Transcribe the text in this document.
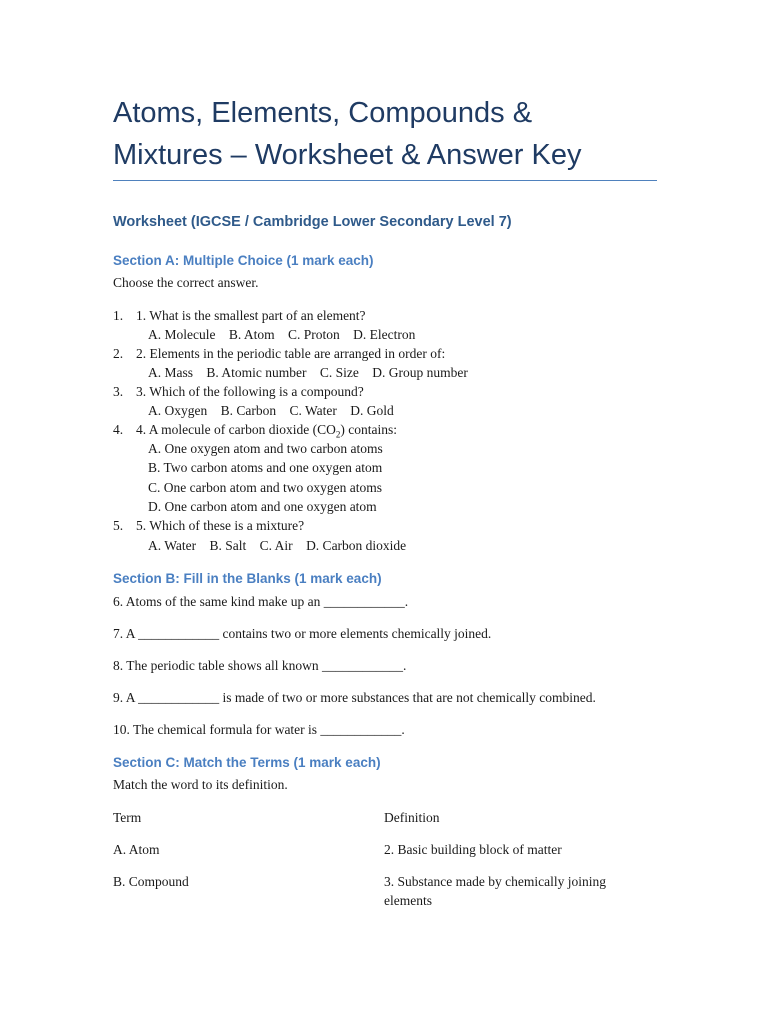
Atoms, Elements, Compounds &
Mixtures – Worksheet & Answer Key
Worksheet (IGCSE / Cambridge Lower Secondary Level 7)
Section A: Multiple Choice (1 mark each)
Choose the correct answer.
1. 1. What is the smallest part of an element?
A. Molecule B. Atom C. Proton D. Electron
2. 2. Elements in the periodic table are arranged in order of:
A. Mass B. Atomic number C. Size D. Group number
3. 3. Which of the following is a compound?
A. Oxygen B. Carbon C. Water D. Gold
4. 4. A molecule of carbon dioxide $(CO_2)$ contains:
A. One oxygen atom and two carbon atoms
B. Two carbon atoms and one oxygen atom
C. One carbon atom and two oxygen atoms
D. One carbon atom and one oxygen atom
5. 5. Which of these is a mixture?
A. Water B. Salt C. Air D. Carbon dioxide
Section B: Fill in the Blanks (1 mark each)
6. Atoms of the same kind make up an ____________.
7. A ____________ contains two or more elements chemically joined.
8. The periodic table shows all known ____________.
9. A ____________ is made of two or more substances that are not chemically combined.
10. The chemical formula for water is ____________.
Section C: Match the Terms (1 mark each)
Match the word to its definition.
Term	Definition
A. Atom	2. Basic building block of matter
B. Compound	3. Substance made by chemically joining
elements
